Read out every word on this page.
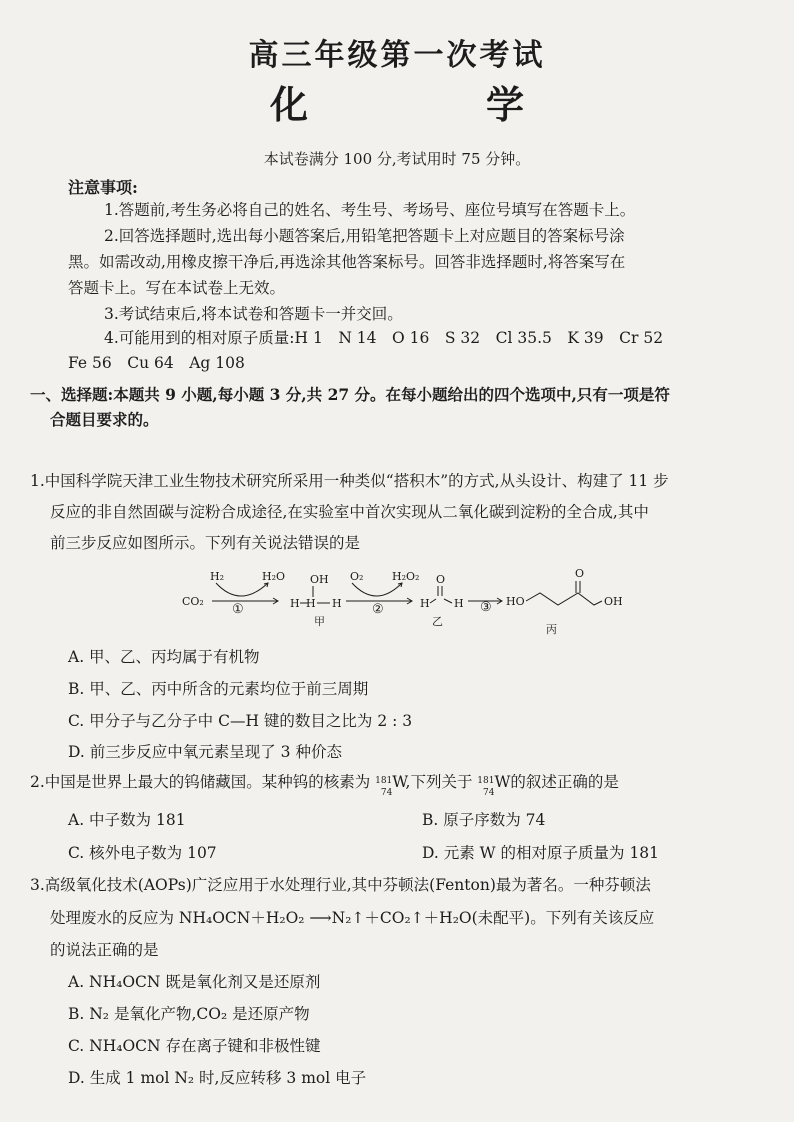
高三年级第一次考试
化　学
本试卷满分 100 分,考试用时 75 分钟。
注意事项:
1.答题前,考生务必将自己的姓名、考生号、考场号、座位号填写在答题卡上。
2.回答选择题时,选出每小题答案后,用铅笔把答题卡上对应题目的答案标号涂
黑。如需改动,用橡皮擦干净后,再选涂其他答案标号。回答非选择题时,将答案写在
答题卡上。写在本试卷上无效。
3.考试结束后,将本试卷和答题卡一并交回。
4.可能用到的相对原子质量:H 1　N 14　O 16　S 32　Cl 35.5　K 39　Cr 52
Fe 56　Cu 64　Ag 108
一、选择题:本题共 9 小题,每小题 3 分,共 27 分。在每小题给出的四个选项中,只有一项是符
合题目要求的。
1.中国科学院天津工业生物技术研究所采用一种类似“搭积木”的方式,从头设计、构建了 11 步
反应的非自然固碳与淀粉合成途径,在实验室中首次实现从二氧化碳到淀粉的全合成,其中
前三步反应如图所示。下列有关说法错误的是
CO₂
H₂	H₂O
①
OH
H H H
甲
O₂	H₂O₂
②
O
H H
乙
③ HO
O
OH
丙
A. 甲、乙、丙均属于有机物
B. 甲、乙、丙中所含的元素均位于前三周期
C. 甲分子与乙分子中 C—H 键的数目之比为 2 : 3
D. 前三步反应中氧元素呈现了 3 种价态
2.中国是世界上最大的钨储藏国。某种钨的核素为 181
74
W,下列关于 181
74
W的叙述正确的是
A. 中子数为 181	B. 原子序数为 74
C. 核外电子数为 107	D. 元素 W 的相对原子质量为 181
3.高级氧化技术(AOPs)广泛应用于水处理行业,其中芬顿法(Fenton)最为著名。一种芬顿法
处理废水的反应为 NH₄OCN＋H₂O₂ ⟶N₂↑＋CO₂↑＋H₂O(未配平)。下列有关该反应
的说法正确的是
A. NH₄OCN 既是氧化剂又是还原剂
B. N₂ 是氧化产物,CO₂ 是还原产物
C. NH₄OCN 存在离子键和非极性键
D. 生成 1 mol N₂ 时,反应转移 3 mol 电子
